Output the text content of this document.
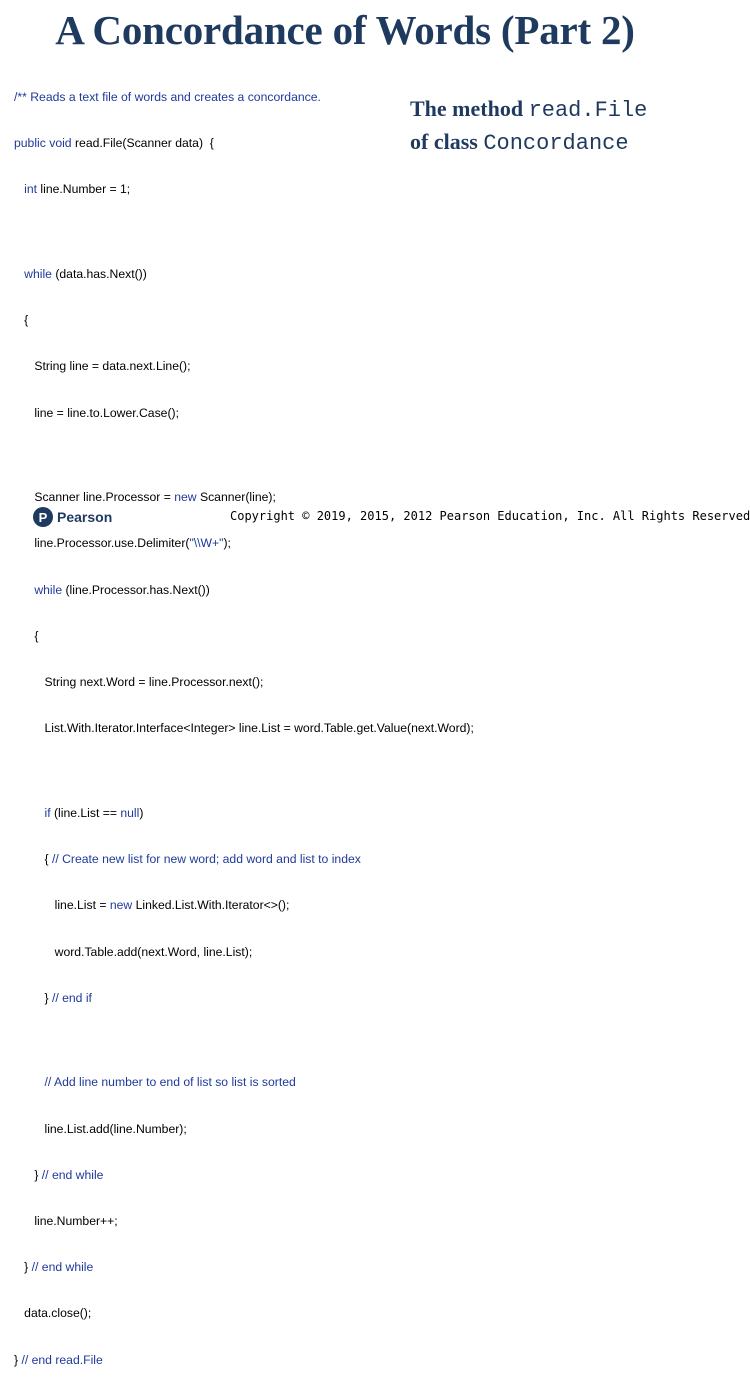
A Concordance of Words (Part 2)

/** Reads a text file of words and creates a concordance.

public void read.File(Scanner data)  {

int line.Number = 1;

while (data.has.Next())

{

String line = data.next.Line();

line = line.to.Lower.Case();

Scanner line.Processor = new Scanner(line);

line.Processor.use.Delimiter("\\W+");

while (line.Processor.has.Next())

{

String next.Word = line.Processor.next();

List.With.Iterator.Interface<Integer> line.List = word.Table.get.Value(next.Word);

if (line.List == null)

{ // Create new list for new word; add word and list to index

line.List = new Linked.List.With.Iterator<>();

word.Table.add(next.Word, line.List);

} // end if

// Add line number to end of list so list is sorted

line.List.add(line.Number);

} // end while

line.Number++;

} // end while

data.close();

} // end read.File

The method read.File
of class Concordance
P Pearson	Copyright © 2019, 2015, 2012 Pearson Education, Inc. All Rights Reserved
